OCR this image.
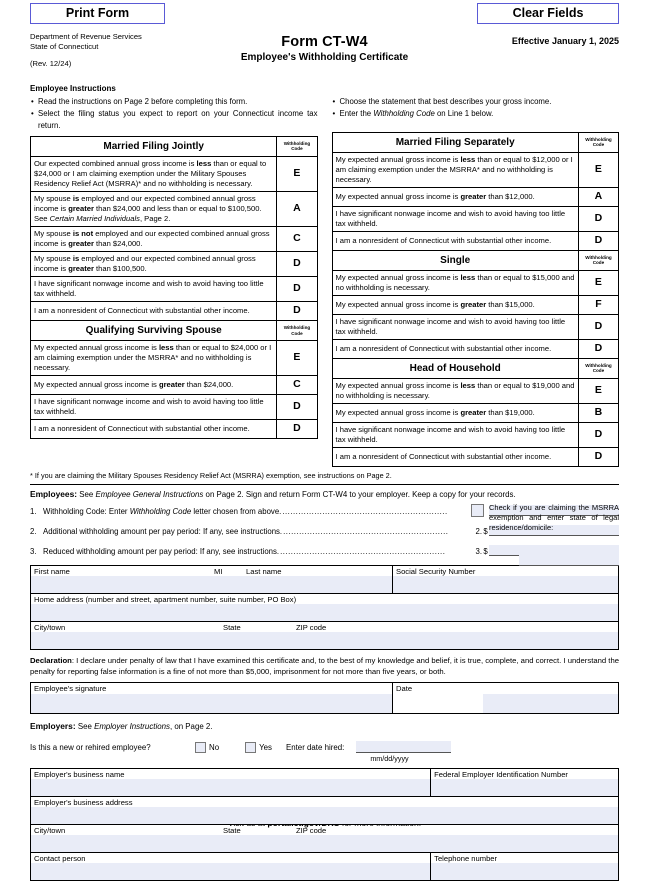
Print Form	Clear Fields
Department of Revenue Services
State of Connecticut
(Rev. 12/24)
Form CT-W4
Employee's Withholding Certificate
Effective January 1, 2025
Employee Instructions
• Read the instructions on Page 2 before completing this form.
• Select the filing status you expect to report on your Connecticut income tax return.
• Choose the statement that best describes your gross income.
• Enter the Withholding Code on Line 1 below.
Married Filing Jointly	Withholding Code
Our expected combined annual gross income is less than or equal to $24,000 or I am claiming exemption under the Military Spouses Residency Relief Act (MSRRA)* and no withholding is necessary.	E
My spouse is employed and our expected combined annual gross income is greater than $24,000 and less than or equal to $100,500. See Certain Married Individuals, Page 2.	A
My spouse is not employed and our expected combined annual gross income is greater than $24,000.	C
My spouse is employed and our expected combined annual gross income is greater than $100,500.	D
I have significant nonwage income and wish to avoid having too little tax withheld.	D
I am a nonresident of Connecticut with substantial other income.	D
Qualifying Surviving Spouse	Withholding Code
My expected annual gross income is less than or equal to $24,000 or I am claiming exemption under the MSRRA* and no withholding is necessary.	E
My expected annual gross income is greater than $24,000.	C
I have significant nonwage income and wish to avoid having too little tax withheld.	D
I am a nonresident of Connecticut with substantial other income.	D
Married Filing Separately	Withholding Code
My expected annual gross income is less than or equal to $12,000 or I am claiming exemption under the MSRRA* and no withholding is necessary.	E
My expected annual gross income is greater than $12,000.	A
I have significant nonwage income and wish to avoid having too little tax withheld.	D
I am a nonresident of Connecticut with substantial other income.	D
Single	Withholding Code
My expected annual gross income is less than or equal to $15,000 and no withholding is necessary.	E
My expected annual gross income is greater than $15,000.	F
I have significant nonwage income and wish to avoid having too little tax withheld.	D
I am a nonresident of Connecticut with substantial other income.	D
Head of Household	Withholding Code
My expected annual gross income is less than or equal to $19,000 and no withholding is necessary.	E
My expected annual gross income is greater than $19,000.	B
I have significant nonwage income and wish to avoid having too little tax withheld.	D
I am a nonresident of Connecticut with substantial other income.	D
* If you are claiming the Military Spouses Residency Relief Act (MSRRA) exemption, see instructions on Page 2.
Employees: See Employee General Instructions on Page 2. Sign and return Form CT-W4 to your employer. Keep a copy for your records.
1. Withholding Code: Enter Withholding Code letter chosen from above. ..............................................................
2. Additional withholding amount per pay period: If any, see instructions. ..............................................................	2. $
3. Reduced withholding amount per pay period: If any, see instructions. ..............................................................	3. $
Check if you are claiming the MSRRA exemption and enter state of legal residence/domicile:
First name	MI	Last name	Social Security Number
Home address (number and street, apartment number, suite number, PO Box)
City/town	State	ZIP code
Declaration: I declare under penalty of law that I have examined this certificate and, to the best of my knowledge and belief, it is true, complete, and correct. I understand the penalty for reporting false information is a fine of not more than $5,000, imprisonment for not more than five years, or both.
Employee's signature	Date
Employers: See Employer Instructions, on Page 2.
Is this a new or rehired employee?	No	Yes Enter date hired:
mm/dd/yyyy
Employer's business name	Federal Employer Identification Number
Employer's business address
City/town	State	ZIP code
Contact person	Telephone number
